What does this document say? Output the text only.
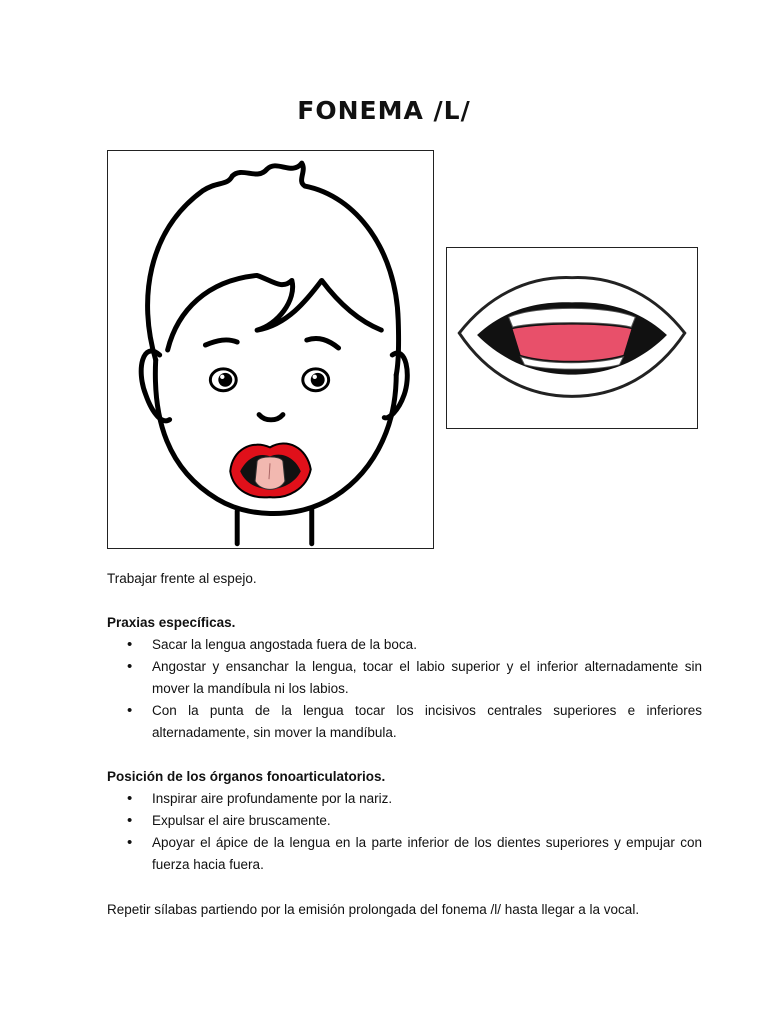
FONEMA /L/
Trabajar frente al espejo.
Praxias específicas.
• Sacar la lengua angostada fuera de la boca.
• Angostar y ensanchar la lengua, tocar el labio superior y el inferior alternadamente sin mover la mandíbula ni los labios.
• Con la punta de la lengua tocar los incisivos centrales superiores e inferiores alternadamente, sin mover la mandíbula.
Posición de los órganos fonoarticulatorios.
• Inspirar aire profundamente por la nariz.
• Expulsar el aire bruscamente.
• Apoyar el ápice de la lengua en la parte inferior de los dientes superiores y empujar con fuerza hacia fuera.
Repetir sílabas partiendo por la emisión prolongada del fonema /l/ hasta llegar a la vocal.
